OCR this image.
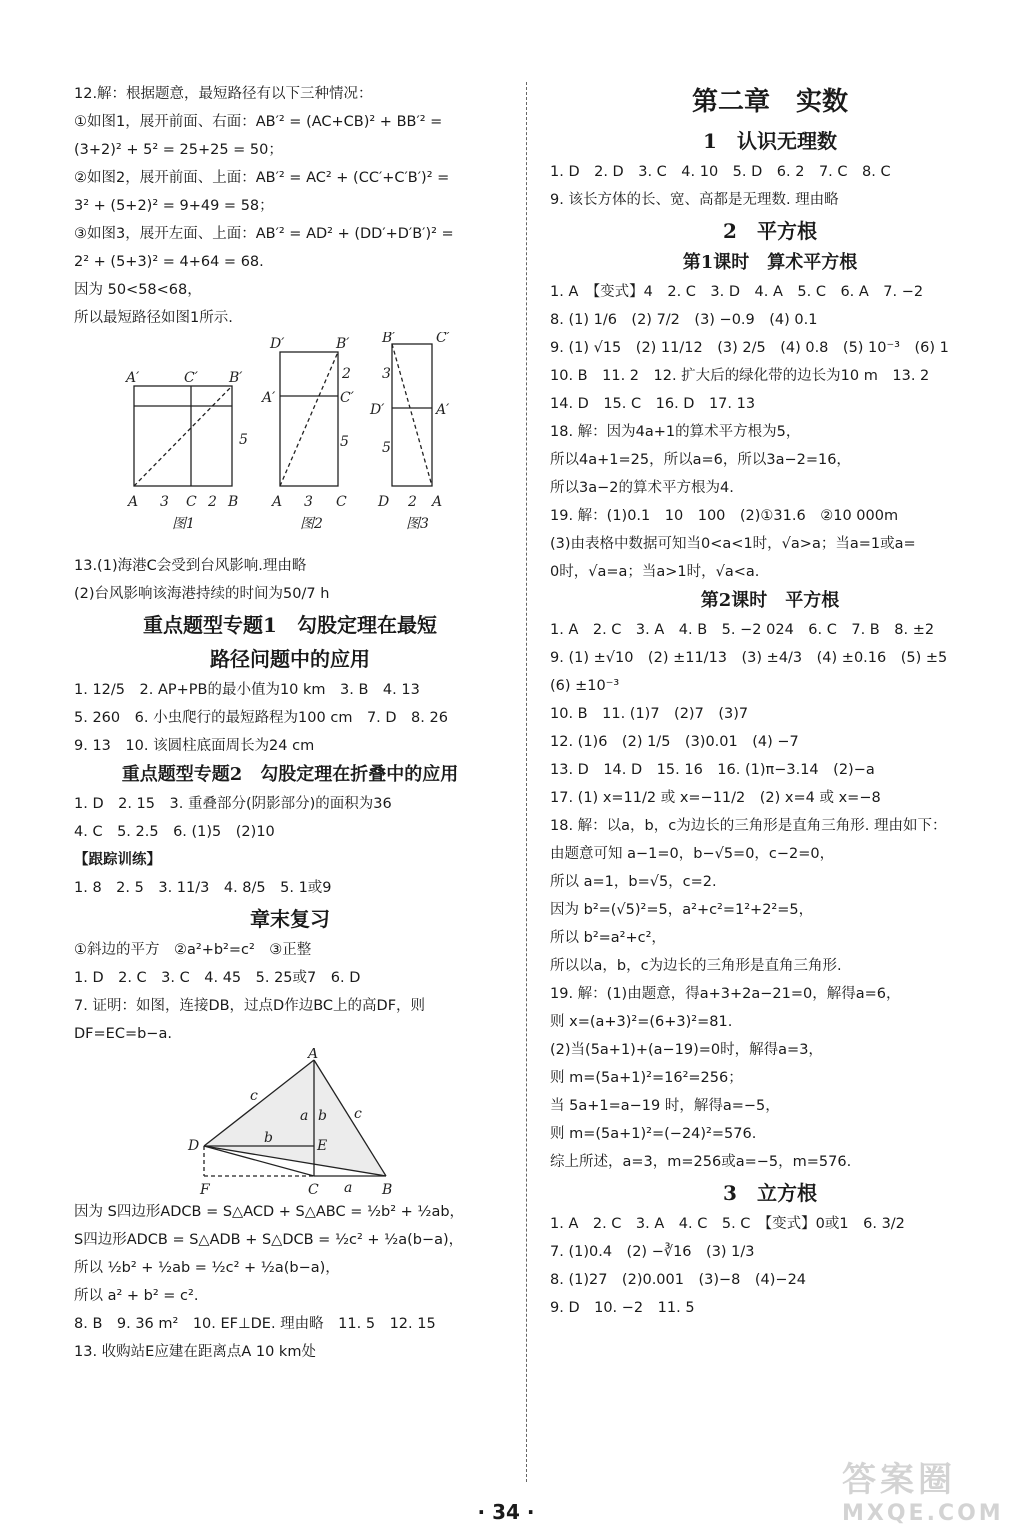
12.解：根据题意，最短路径有以下三种情况：
①如图1，展开前面、右面：AB′² = (AC+CB)² + BB′² =
(3+2)² + 5² = 25+25 = 50；
②如图2，展开前面、上面：AB′² = AC² + (CC′+C′B′)² =
3² + (5+2)² = 9+49 = 58；
③如图3，展开左面、上面：AB′² = AD² + (DD′+D′B′)² =
2² + (5+3)² = 4+64 = 68.
因为 50<58<68，
所以最短路径如图1所示.
A′	C′ B′
5
A 3 C 2 B
图1
D′	B′
2
A′	C′
5
A 3 C
图2
B′	C′
3
D′	A′
5
D 2 A
图3
13.(1)海港C会受到台风影响.理由略
(2)台风影响该海港持续的时间为50/7 h
重点题型专题1　勾股定理在最短
路径问题中的应用
1. 12/5　2. AP+PB的最小值为10 km　3. B　4. 13
5. 260　6. 小虫爬行的最短路程为100 cm　7. D　8. 26
9. 13　10. 该圆柱底面周长为24 cm
重点题型专题2　勾股定理在折叠中的应用
1. D　2. 15　3. 重叠部分(阴影部分)的面积为36
4. C　5. 2.5　6. (1)5　(2)10
【跟踪训练】
1. 8　2. 5　3. 11/3　4. 8/5　5. 1或9
章末复习
①斜边的平方　②a²+b²=c²　③正整
1. D　2. C　3. C　4. 45　5. 25或7　6. D
7. 证明：如图，连接DB，过点D作边BC上的高DF，则
DF=EC=b−a.
A
D	E
F	C	B
c
c
a b
b
a
因为 S四边形ADCB = S△ACD + S△ABC = ½b² + ½ab，
S四边形ADCB = S△ADB + S△DCB = ½c² + ½a(b−a)，
所以 ½b² + ½ab = ½c² + ½a(b−a)，
所以 a² + b² = c².
8. B　9. 36 m²　10. EF⊥DE. 理由略　11. 5　12. 15
13. 收购站E应建在距离点A 10 km处
第二章　实数
1　认识无理数
1. D　2. D　3. C　4. 10　5. D　6. 2　7. C　8. C
9. 该长方体的长、宽、高都是无理数. 理由略
2　平方根
第1课时　算术平方根
1. A　【变式】4　2. C　3. D　4. A　5. C　6. A　7. −2
8. (1) 1/6　(2) 7/2　(3) −0.9　(4) 0.1
9. (1) √15　(2) 11/12　(3) 2/5　(4) 0.8　(5) 10⁻³　(6) 1
10. B　11. 2　12. 扩大后的绿化带的边长为10 m　13. 2
14. D　15. C　16. D　17. 13
18. 解：因为4a+1的算术平方根为5，
所以4a+1=25，所以a=6，所以3a−2=16，
所以3a−2的算术平方根为4.
19. 解：(1)0.1　10　100　(2)①31.6　②10 000m
(3)由表格中数据可知当0<a<1时，√a>a；当a=1或a=
0时，√a=a；当a>1时，√a<a.
第2课时　平方根
1. A　2. C　3. A　4. B　5. −2 024　6. C　7. B　8. ±2
9. (1) ±√10　(2) ±11/13　(3) ±4/3　(4) ±0.16　(5) ±5
(6) ±10⁻³
10. B　11. (1)7　(2)7　(3)7
12. (1)6　(2) 1/5　(3)0.01　(4) −7
13. D　14. D　15. 16　16. (1)π−3.14　(2)−a
17. (1) x=11/2 或 x=−11/2　(2) x=4 或 x=−8
18. 解：以a，b，c为边长的三角形是直角三角形. 理由如下：
由题意可知 a−1=0，b−√5=0，c−2=0，
所以 a=1，b=√5，c=2.
因为 b²=(√5)²=5，a²+c²=1²+2²=5，
所以 b²=a²+c²，
所以以a，b，c为边长的三角形是直角三角形.
19. 解：(1)由题意，得a+3+2a−21=0，解得a=6，
则 x=(a+3)²=(6+3)²=81.
(2)当(5a+1)+(a−19)=0时，解得a=3，
则 m=(5a+1)²=16²=256；
当 5a+1=a−19 时，解得a=−5，
则 m=(5a+1)²=(−24)²=576.
综上所述，a=3，m=256或a=−5，m=576.
3　立方根
1. A　2. C　3. A　4. C　5. C　【变式】0或1　6. 3/2
7. (1)0.4　(2) −∛16　(3) 1/3
8. (1)27　(2)0.001　(3)−8　(4)−24
9. D　10. −2　11. 5
· 34 ·
答案圈
MXQE.COM
